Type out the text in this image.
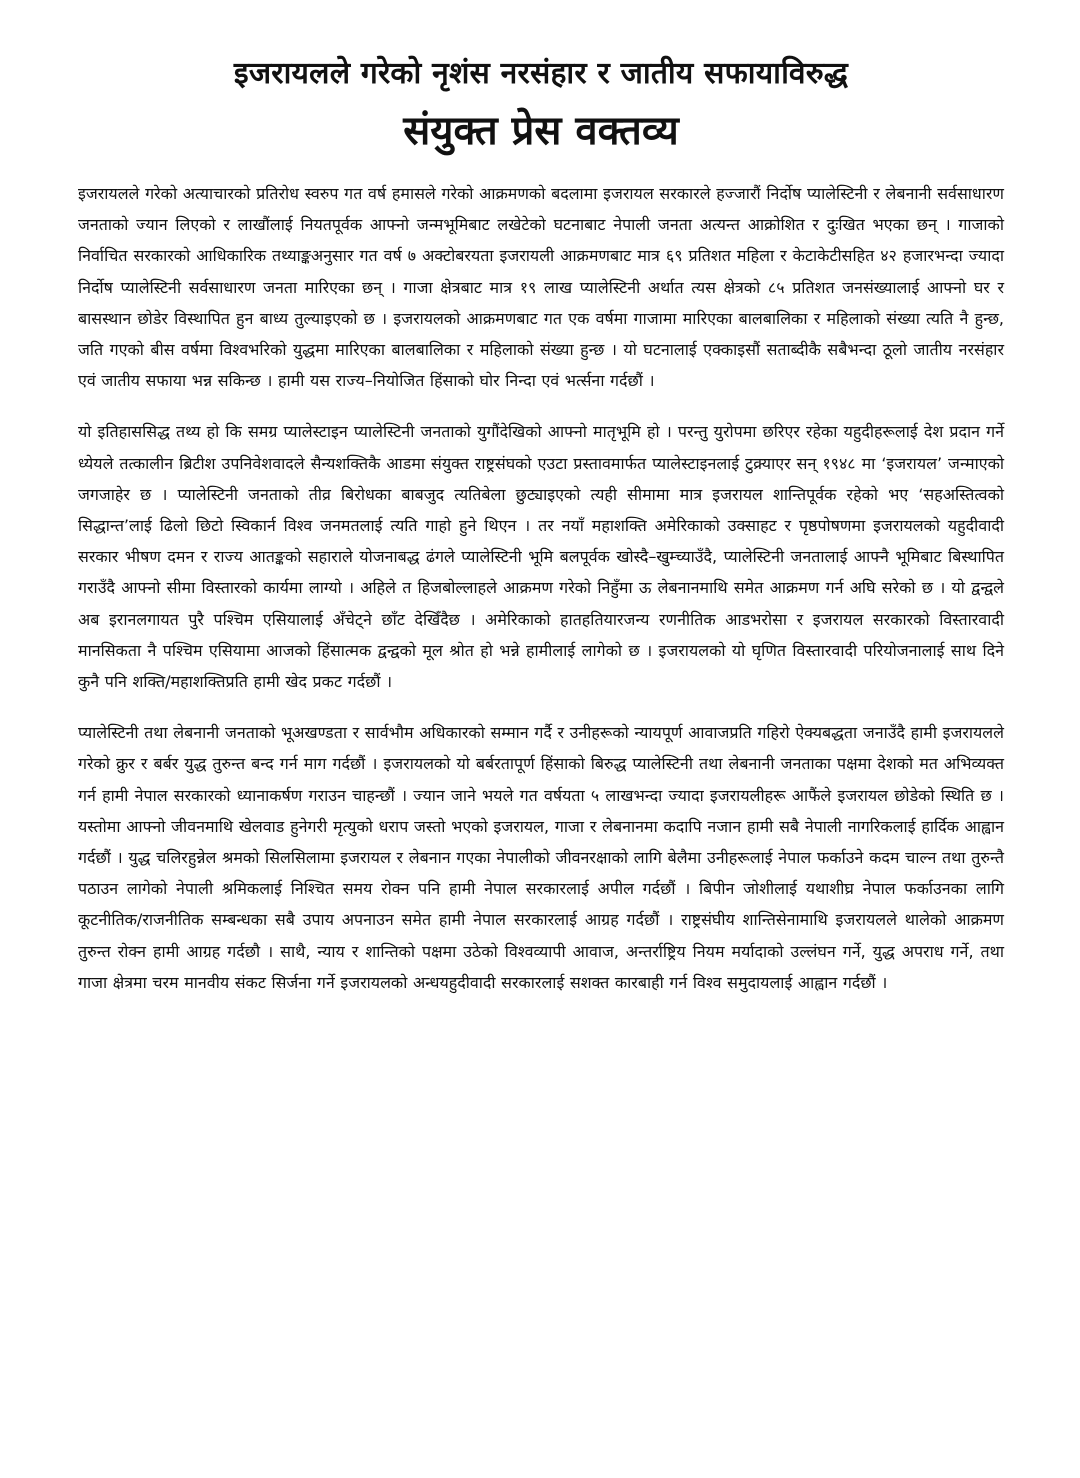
इजरायलले गरेको नृशंस नरसंहार र जातीय सफायाविरुद्ध
संयुक्त प्रेस वक्तव्य

इजरायलले गरेको अत्याचारको प्रतिरोध स्वरुप गत वर्ष हमासले गरेको आक्रमणको बदलामा इजरायल सरकारले हज्जारौं निर्दोष प्यालेस्टिनी र लेबनानी सर्वसाधारण जनताको ज्यान लिएको र लाखौंलाई नियतपूर्वक आफ्नो जन्मभूमिबाट लखेटेको घटनाबाट नेपाली जनता अत्यन्त आक्रोशित र दुःखित भएका छन् । गाजाको निर्वाचित सरकारको आधिकारिक तथ्याङ्कअनुसार गत वर्ष ७ अक्टोबरयता इजरायली आक्रमणबाट मात्र ६९ प्रतिशत महिला र केटाकेटीसहित ४२ हजारभन्दा ज्यादा निर्दोष प्यालेस्टिनी सर्वसाधारण जनता मारिएका छन् । गाजा क्षेत्रबाट मात्र १९ लाख प्यालेस्टिनी अर्थात त्यस क्षेत्रको ८५ प्रतिशत जनसंख्यालाई आफ्नो घर र बासस्थान छोडेर विस्थापित हुन बाध्य तुल्याइएको छ । इजरायलको आक्रमणबाट गत एक वर्षमा गाजामा मारिएका बालबालिका र महिलाको संख्या त्यति नै हुन्छ, जति गएको बीस वर्षमा विश्वभरिको युद्धमा मारिएका बालबालिका र महिलाको संख्या हुन्छ । यो घटनालाई एक्काइसौं सताब्दीकै सबैभन्दा ठूलो जातीय नरसंहार एवं जातीय सफाया भन्न सकिन्छ । हामी यस राज्य–नियोजित हिंसाको घोर निन्दा एवं भर्त्सना गर्दछौं ।

यो इतिहाससिद्ध तथ्य हो कि समग्र प्यालेस्टाइन प्यालेस्टिनी जनताको युगौंदेखिको आफ्नो मातृभूमि हो । परन्तु युरोपमा छरिएर रहेका यहुदीहरूलाई देश प्रदान गर्ने ध्येयले तत्कालीन ब्रिटीश उपनिवेशवादले सैन्यशक्तिकै आडमा संयुक्त राष्ट्रसंघको एउटा प्रस्तावमार्फत प्यालेस्टाइनलाई टुक्र्याएर सन् १९४८ मा ‘इजरायल’ जन्माएको जगजाहेर छ । प्यालेस्टिनी जनताको तीव्र बिरोधका बाबजुद त्यतिबेला छुट्याइएको त्यही सीमामा मात्र इजरायल शान्तिपूर्वक रहेको भए ‘सहअस्तित्वको सिद्धान्त’लाई ढिलो छिटो स्विकार्न विश्व जनमतलाई त्यति गाहो हुने थिएन । तर नयाँ महाशक्ति अमेरिकाको उक्साहट र पृष्ठपोषणमा इजरायलको यहुदीवादी सरकार भीषण दमन र राज्य आतङ्कको सहाराले योजनाबद्ध ढंगले प्यालेस्टिनी भूमि बलपूर्वक खोस्दै–खुम्च्याउँदै, प्यालेस्टिनी जनतालाई आफ्नै भूमिबाट बिस्थापित गराउँदै आफ्नो सीमा विस्तारको कार्यमा लाग्यो । अहिले त हिजबोल्लाहले आक्रमण गरेको निहुँमा ऊ लेबनानमाथि समेत आक्रमण गर्न अघि सरेको छ । यो द्वन्द्वले अब इरानलगायत पुरै पश्चिम एसियालाई अँचेट्ने छाँट देखिँदैछ । अमेरिकाको हातहतियारजन्य रणनीतिक आडभरोसा र इजरायल सरकारको विस्तारवादी मानसिकता नै पश्चिम एसियामा आजको हिंसात्मक द्वन्द्वको मूल श्रोत हो भन्ने हामीलाई लागेको छ । इजरायलको यो घृणित विस्तारवादी परियोजनालाई साथ दिने कुनै पनि शक्ति/महाशक्तिप्रति हामी खेद प्रकट गर्दछौं ।

प्यालेस्टिनी तथा लेबनानी जनताको भूअखण्डता र सार्वभौम अधिकारको सम्मान गर्दै र उनीहरूको न्यायपूर्ण आवाजप्रति गहिरो ऐक्यबद्धता जनाउँदै हामी इजरायलले गरेको क्रुर र बर्बर युद्ध तुरुन्त बन्द गर्न माग गर्दछौं । इजरायलको यो बर्बरतापूर्ण हिंसाको बिरुद्ध प्यालेस्टिनी तथा लेबनानी जनताका पक्षमा देशको मत अभिव्यक्त गर्न हामी नेपाल सरकारको ध्यानाकर्षण गराउन चाहन्छौं । ज्यान जाने भयले गत वर्षयता ५ लाखभन्दा ज्यादा इजरायलीहरू आफैंले इजरायल छोडेको स्थिति छ । यस्तोमा आफ्नो जीवनमाथि खेलवाड हुनेगरी मृत्युको धराप जस्तो भएको इजरायल, गाजा र लेबनानमा कदापि नजान हामी सबै नेपाली नागरिकलाई हार्दिक आह्वान गर्दछौं । युद्ध चलिरहुन्नेल श्रमको सिलसिलामा इजरायल र लेबनान गएका नेपालीको जीवनरक्षाको लागि बेलैमा उनीहरूलाई नेपाल फर्काउने कदम चाल्न तथा तुरुन्तै पठाउन लागेको नेपाली श्रमिकलाई निश्चित समय रोक्न पनि हामी नेपाल सरकारलाई अपील गर्दछौं । बिपीन जोशीलाई यथाशीघ्र नेपाल फर्काउनका लागि कूटनीतिक/राजनीतिक सम्बन्धका सबै उपाय अपनाउन समेत हामी नेपाल सरकारलाई आग्रह गर्दछौं । राष्ट्रसंघीय शान्तिसेनामाथि इजरायलले थालेको आक्रमण तुरुन्त रोक्न हामी आग्रह गर्दछौ । साथै, न्याय र शान्तिको पक्षमा उठेको विश्वव्यापी आवाज, अन्तर्राष्ट्रिय नियम मर्यादाको उल्लंघन गर्ने, युद्ध अपराध गर्ने, तथा गाजा क्षेत्रमा चरम मानवीय संकट सिर्जना गर्ने इजरायलको अन्धयहुदीवादी सरकारलाई सशक्त कारबाही गर्न विश्व समुदायलाई आह्वान गर्दछौं ।
